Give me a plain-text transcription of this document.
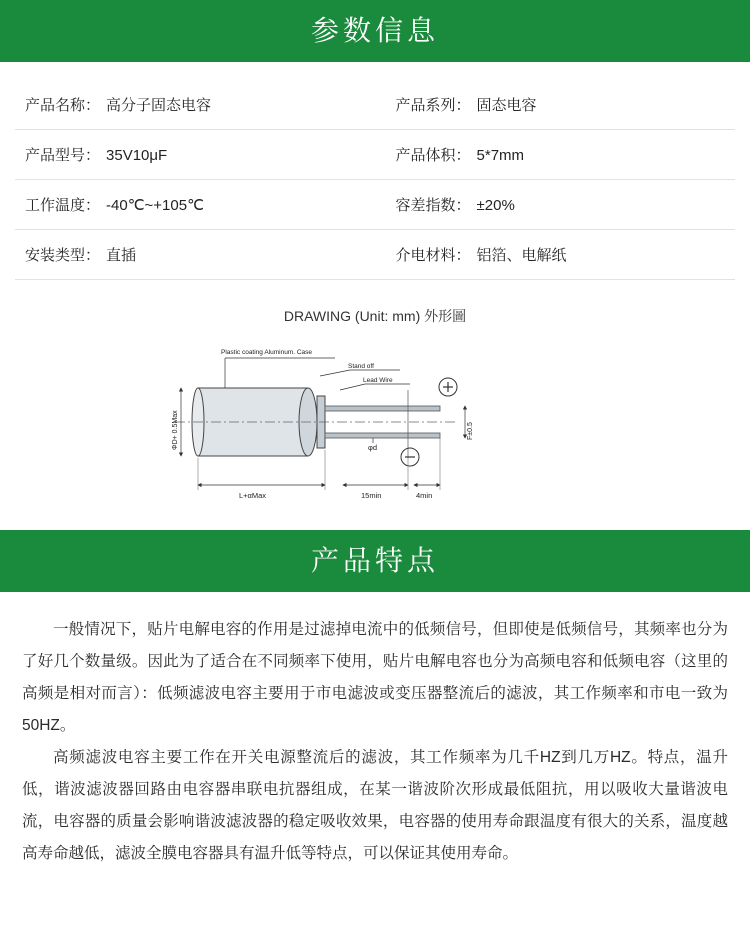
参数信息
产品名称： 高分子固态电容	产品系列： 固态电容
产品型号： 35V10μF	产品体积： 5*7mm
工作温度： -40℃~+105℃	容差指数： ±20%
安装类型： 直插	介电材料： 铝箔、电解纸
DRAWING (Unit: mm) 外形圖
Plastic coating Aluminum. Case
Stand off
Lead Wire
ΦD+ 0.5Max	F±0.5
φd
L+αMax	15min	4min
产品特点

一般情况下，贴片电解电容的作用是过滤掉电流中的低频信号，但即使是低频信号，其频率也分为了好几个数量级。因此为了适合在不同频率下使用，贴片电解电容也分为高频电容和低频电容（这里的高频是相对而言）：低频滤波电容主要用于市电滤波或变压器整流后的滤波，其工作频率和市电一致为50HZ。

高频滤波电容主要工作在开关电源整流后的滤波，其工作频率为几千HZ到几万HZ。特点，温升低，谐波滤波器回路由电容器串联电抗器组成，在某一谐波阶次形成最低阻抗，用以吸收大量谐波电流，电容器的质量会影响谐波滤波器的稳定吸收效果，电容器的使用寿命跟温度有很大的关系，温度越高寿命越低，滤波全膜电容器具有温升低等特点，可以保证其使用寿命。
